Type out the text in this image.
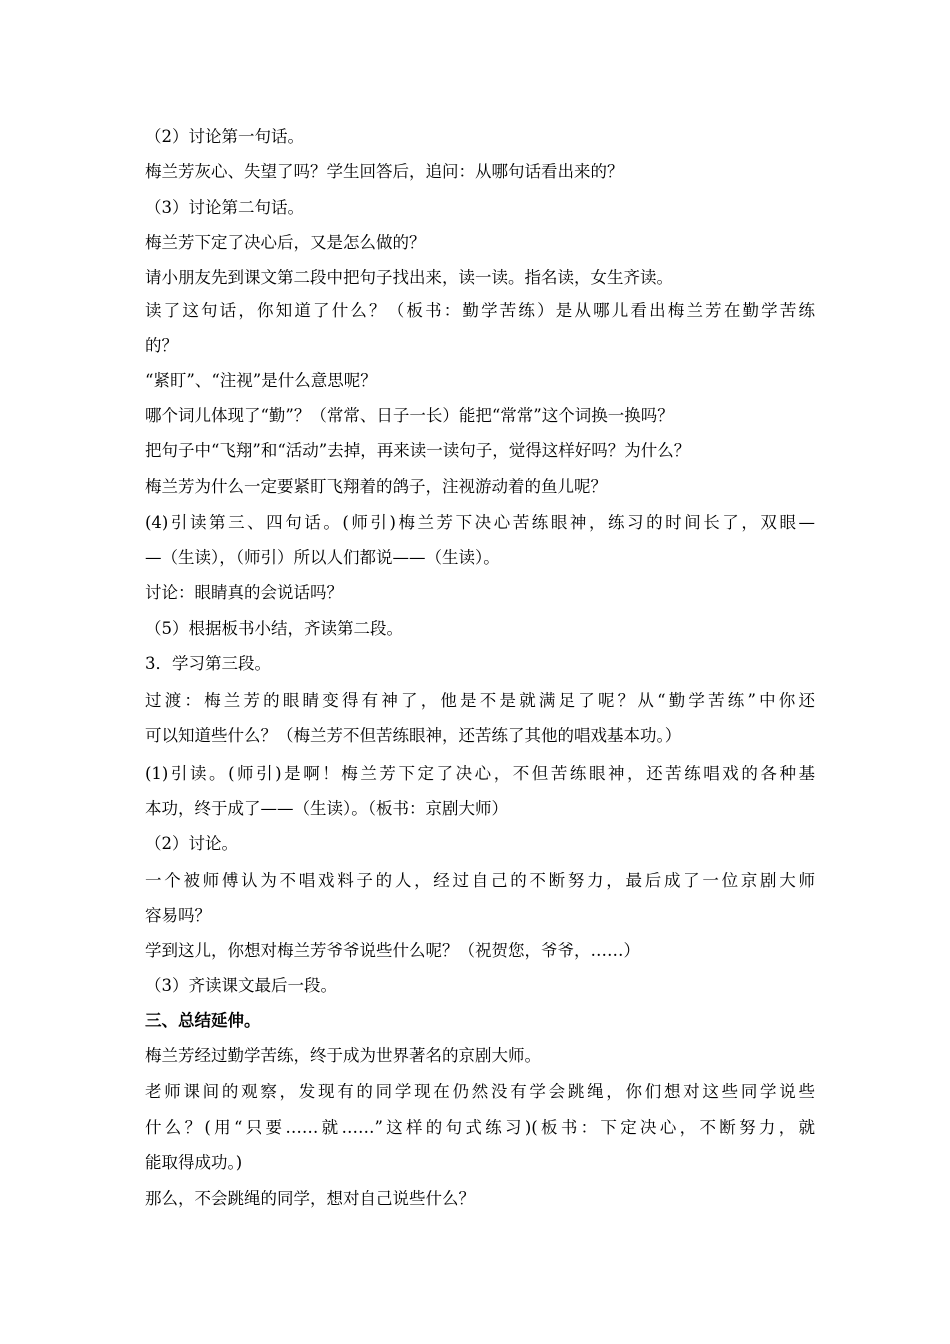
（2）讨论第一句话。
梅兰芳灰心、失望了吗？学生回答后，追问：从哪句话看出来的？
（3）讨论第二句话。
梅兰芳下定了决心后，又是怎么做的？
请小朋友先到课文第二段中把句子找出来，读一读。指名读，女生齐读。
读了这句话，你知道了什么？（板书：勤学苦练）是从哪儿看出梅兰芳在勤学苦练
的？
“紧盯”、“注视”是什么意思呢？
哪个词儿体现了“勤”？（常常、日子一长）能把“常常”这个词换一换吗？
把句子中“飞翔”和“活动”去掉，再来读一读句子，觉得这样好吗？为什么？
梅兰芳为什么一定要紧盯飞翔着的鸽子，注视游动着的鱼儿呢？
(4)引读第三、四句话。(师引)梅兰芳下决心苦练眼神，练习的时间长了，双眼—
—（生读），（师引）所以人们都说——（生读）。
讨论：眼睛真的会说话吗？
（5）根据板书小结，齐读第二段。
3．学习第三段。
过渡：梅兰芳的眼睛变得有神了，他是不是就满足了呢？从“勤学苦练”中你还
可以知道些什么？（梅兰芳不但苦练眼神，还苦练了其他的唱戏基本功。）
(1)引读。(师引)是啊！梅兰芳下定了决心，不但苦练眼神，还苦练唱戏的各种基
本功，终于成了——（生读）。（板书：京剧大师）
（2）讨论。
一个被师傅认为不唱戏料子的人，经过自己的不断努力，最后成了一位京剧大师
容易吗？
学到这儿，你想对梅兰芳爷爷说些什么呢？（祝贺您，爷爷，……）
（3）齐读课文最后一段。
三、总结延伸。
梅兰芳经过勤学苦练，终于成为世界著名的京剧大师。
老师课间的观察，发现有的同学现在仍然没有学会跳绳，你们想对这些同学说些
什么？(用“只要……就……”这样的句式练习)(板书：下定决心，不断努力，就
能取得成功。)
那么，不会跳绳的同学，想对自己说些什么？
